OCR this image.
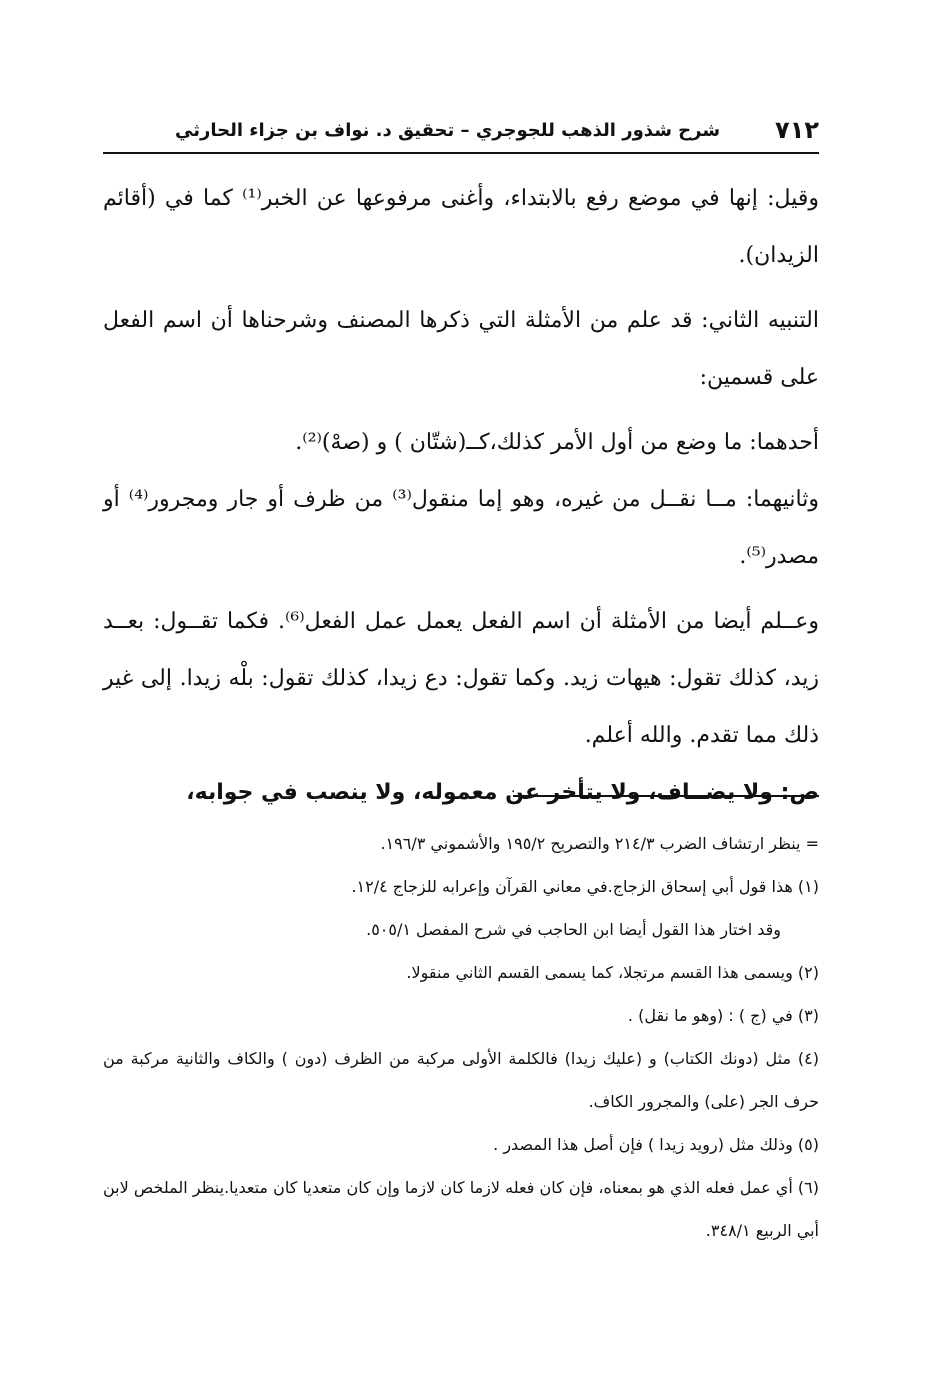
٧١٢
شرح شذور الذهب للجوجري – تحقيق د. نواف بن جزاء الحارثي

وقيل: إنها في موضع رفع بالابتداء، وأغنى مرفوعها عن الخبر⁽¹⁾ كما في (أقائم الزيدان).

التنبيه الثاني: قد علم من الأمثلة التي ذكرها المصنف وشرحناها أن اسم الفعل على قسمين:

أحدهما: ما وضع من أول الأمر كذلك،كــ(شتّان ) و (صهْ)⁽²⁾.

وثانيهما: مــا نقــل من غيره، وهو إما منقول⁽³⁾ من ظرف أو جار ومجرور⁽⁴⁾ أو مصدر⁽⁵⁾.

وعــلم أيضا من الأمثلة أن اسم الفعل يعمل عمل الفعل⁽⁶⁾. فكما تقــول: بعــد زيد، كذلك تقول: هيهات زيد. وكما تقول: دع زيدا، كذلك تقول: بلْه زيدا. إلى غير ذلك مما تقدم. والله أعلم.

ص: ولا يضــاف، ولا يتأخر عن معموله، ولا ينصب في جوابه،

= ينظر ارتشاف الضرب ٢١٤/٣ والتصريح ١٩٥/٢ والأشموني ١٩٦/٣.

(١) هذا قول أبي إسحاق الزجاج.في معاني القرآن وإعرابه للزجاج ١٢/٤.

وقد اختار هذا القول أيضا ابن الحاجب في شرح المفصل ٥٠٥/١.

(٢) ويسمى هذا القسم مرتجلا، كما يسمى القسم الثاني منقولا.

(٣) في (ج ) : (وهو ما نقل) .

(٤) مثل (دونك الكتاب) و (عليك زيدا) فالكلمة الأولى مركبة من الظرف (دون ) والكاف والثانية مركبة من حرف الجر (على) والمجرور الكاف.

(٥) وذلك مثل (رويد زيدا ) فإن أصل هذا المصدر .

(٦) أي عمل فعله الذي هو بمعناه، فإن كان فعله لازما كان لازما وإن كان متعديا كان متعديا.ينظر الملخص لابن أبي الربيع ٣٤٨/١.
